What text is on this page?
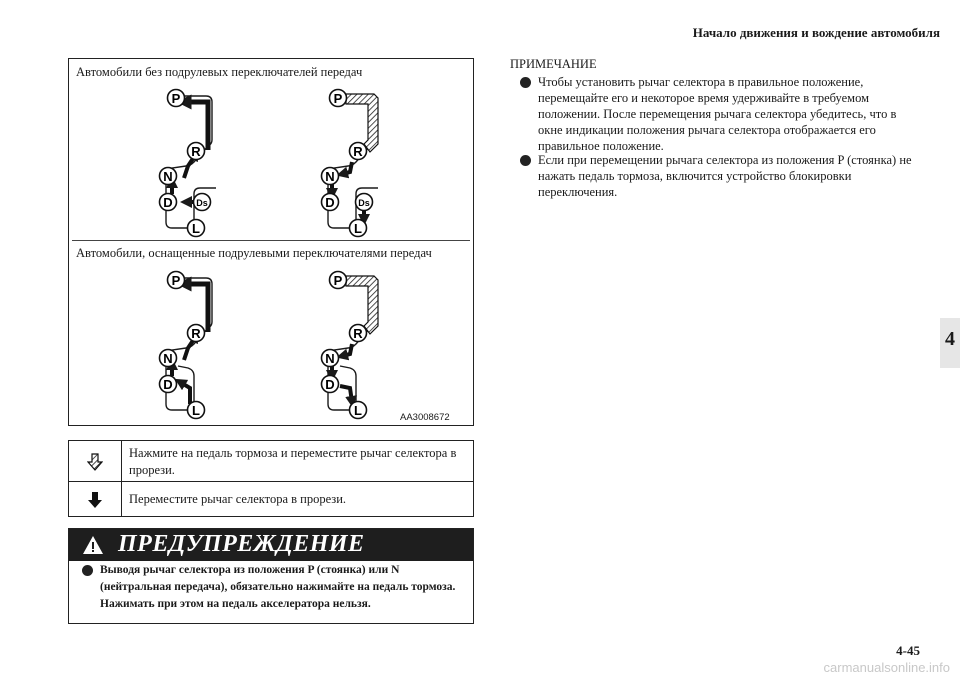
Начало движения и вождение автомобиля
4
4-45
carmanualsonline.info
Автомобили без подрулевых переключателей передач
Автомобили, оснащенные подрулевыми переключателями передач
AA3008672
P
R
N
D	Ds
L
P
R
N
D	Ds
L
P
R
N
D
L
P
R
N
D
L
Нажмите на педаль тормоза и переместите рычаг селектора в прорези.
Переместите рычаг селектора в прорези.
ПРЕДУПРЕЖДЕНИЕ
Выводя рычаг селектора из положения P (стоянка) или N (нейтральная передача), обязательно нажимайте на педаль тормоза. Нажимать при этом на педаль акселератора нельзя.
ПРИМЕЧАНИЕ
Чтобы установить рычаг селектора в правильное положение, перемещайте его и некоторое время удерживайте в требуемом положении. После перемещения рычага селектора убедитесь, что в окне индикации положения рычага селектора отображается его правильное положение.
Если при перемещении рычага селектора из положения P (стоянка) не нажать педаль тормоза, включится устройство блокировки переключения.
